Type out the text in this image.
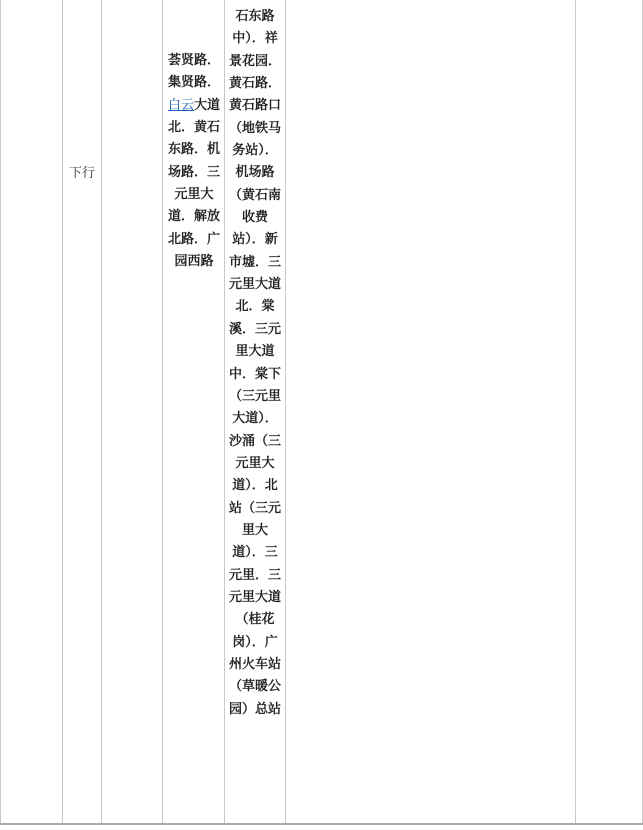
下行
荟贤路．集贤路．白云大道北．黄石东路．机场路．三元里大道．解放北路．广园西路
石东路中）．祥景花园．黄石路．黄石路口（地铁马务站）．机场路（黄石南收费站）．新市墟．三元里大道北．棠溪．三元里大道中．棠下（三元里大道）．沙涌（三元里大道）．北站（三元里大道）．三元里．三元里大道（桂花岗）．广州火车站（草暖公园）总站
